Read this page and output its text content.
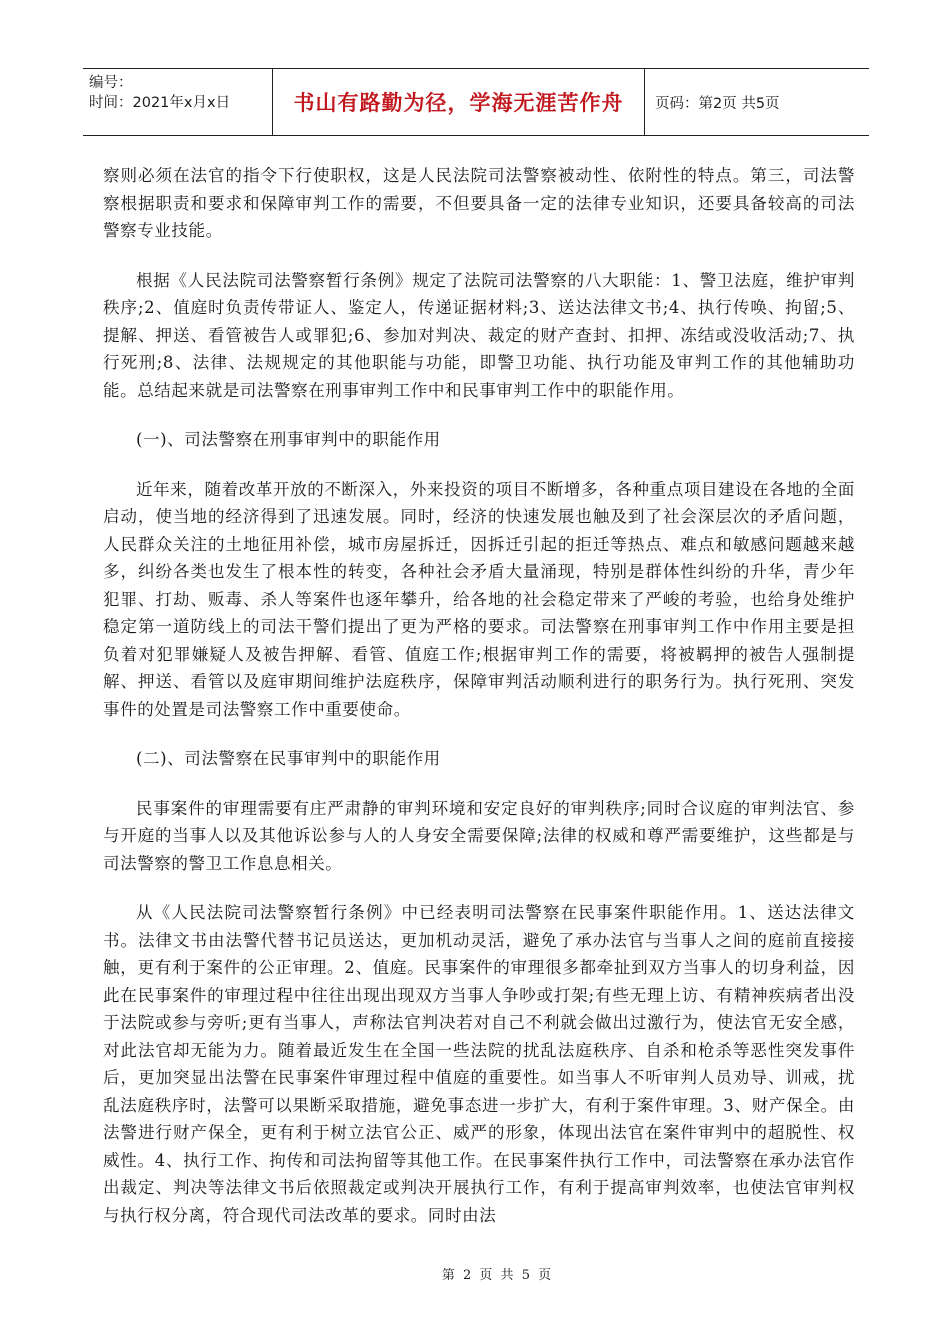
编号：
时间：2021年x月x日	书山有路勤为径，学海无涯苦作舟	页码：第2页 共5页

察则必须在法官的指令下行使职权，这是人民法院司法警察被动性、依附性的特点。第三，司法警察根据职责和要求和保障审判工作的需要，不但要具备一定的法律专业知识，还要具备较高的司法警察专业技能。

根据《人民法院司法警察暂行条例》规定了法院司法警察的八大职能：1、警卫法庭，维护审判秩序;2、值庭时负责传带证人、鉴定人，传递证据材料;3、送达法律文书;4、执行传唤、拘留;5、提解、押送、看管被告人或罪犯;6、参加对判决、裁定的财产查封、扣押、冻结或没收活动;7、执行死刑;8、法律、法规规定的其他职能与功能，即警卫功能、执行功能及审判工作的其他辅助功能。总结起来就是司法警察在刑事审判工作中和民事审判工作中的职能作用。

(一)、司法警察在刑事审判中的职能作用

近年来，随着改革开放的不断深入，外来投资的项目不断增多，各种重点项目建设在各地的全面启动，使当地的经济得到了迅速发展。同时，经济的快速发展也触及到了社会深层次的矛盾问题，人民群众关注的土地征用补偿，城市房屋拆迁，因拆迁引起的拒迁等热点、难点和敏感问题越来越多，纠纷各类也发生了根本性的转变，各种社会矛盾大量涌现，特别是群体性纠纷的升华，青少年犯罪、打劫、贩毒、杀人等案件也逐年攀升，给各地的社会稳定带来了严峻的考验，也给身处维护稳定第一道防线上的司法干警们提出了更为严格的要求。司法警察在刑事审判工作中作用主要是担负着对犯罪嫌疑人及被告押解、看管、值庭工作;根据审判工作的需要，将被羁押的被告人强制提解、押送、看管以及庭审期间维护法庭秩序，保障审判活动顺利进行的职务行为。执行死刑、突发事件的处置是司法警察工作中重要使命。

(二)、司法警察在民事审判中的职能作用

民事案件的审理需要有庄严肃静的审判环境和安定良好的审判秩序;同时合议庭的审判法官、参与开庭的当事人以及其他诉讼参与人的人身安全需要保障;法律的权威和尊严需要维护，这些都是与司法警察的警卫工作息息相关。

从《人民法院司法警察暂行条例》中已经表明司法警察在民事案件职能作用。1、送达法律文书。法律文书由法警代替书记员送达，更加机动灵活，避免了承办法官与当事人之间的庭前直接接触，更有利于案件的公正审理。2、值庭。民事案件的审理很多都牵扯到双方当事人的切身利益，因此在民事案件的审理过程中往往出现出现双方当事人争吵或打架;有些无理上访、有精神疾病者出没于法院或参与旁听;更有当事人，声称法官判决若对自己不利就会做出过激行为，使法官无安全感，对此法官却无能为力。随着最近发生在全国一些法院的扰乱法庭秩序、自杀和枪杀等恶性突发事件后，更加突显出法警在民事案件审理过程中值庭的重要性。如当事人不听审判人员劝导、训戒，扰乱法庭秩序时，法警可以果断采取措施，避免事态进一步扩大，有利于案件审理。3、财产保全。由法警进行财产保全，更有利于树立法官公正、威严的形象，体现出法官在案件审判中的超脱性、权威性。4、执行工作、拘传和司法拘留等其他工作。在民事案件执行工作中，司法警察在承办法官作出裁定、判决等法律文书后依照裁定或判决开展执行工作，有利于提高审判效率，也使法官审判权与执行权分离，符合现代司法改革的要求。同时由法

第 2 页 共 5 页
